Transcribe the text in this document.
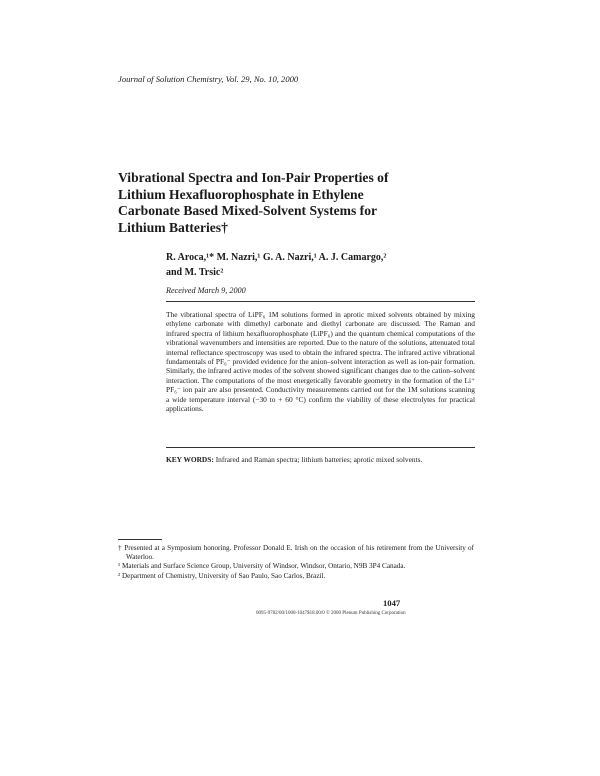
Journal of Solution Chemistry, Vol. 29, No. 10, 2000
Vibrational Spectra and Ion-Pair Properties of
Lithium Hexafluorophosphate in Ethylene
Carbonate Based Mixed-Solvent Systems for
Lithium Batteries†
R. Aroca,¹* M. Nazri,¹ G. A. Nazri,¹ A. J. Camargo,²
and M. Trsic²
Received March 9, 2000
The vibrational spectra of LiPF₆ 1M solutions formed in aprotic mixed solvents obtained by mixing ethylene carbonate with dimethyl carbonate and diethyl carbonate are discussed. The Raman and infrared spectra of lithium hexafluorophosphate (LiPF₆) and the quantum chemical computations of the vibrational wavenumbers and intensities are reported. Due to the nature of the solutions, attenuated total internal reflectance spectroscopy was used to obtain the infrared spectra. The infrared active vibrational fundamentals of PF₆⁻ provided evidence for the anion–solvent interaction as well as ion-pair formation. Similarly, the infrared active modes of the solvent showed significant changes due to the cation–solvent interaction. The computations of the most energetically favorable geometry in the formation of the Li⁺ PF₆⁻ ion pair are also presented. Conductivity measurements carried out for the 1M solutions scanning a wide temperature interval (−30 to + 60 °C) confirm the viability of these electrolytes for practical applications.
KEY WORDS: Infrared and Raman spectra; lithium batteries; aprotic mixed solvents.
† Presented at a Symposium honoring. Professor Donald E. Irish on the occasion of his retirement from the University of Waterloo.
¹ Materials and Surface Science Group, University of Windsor, Windsor, Ontario, N9B 3P4 Canada.
² Department of Chemistry, University of Sao Paulo, Sao Carlos, Brazil.
1047
0095-9782/00/1000-1047$18.00/0 © 2000 Plenum Publishing Corporation
